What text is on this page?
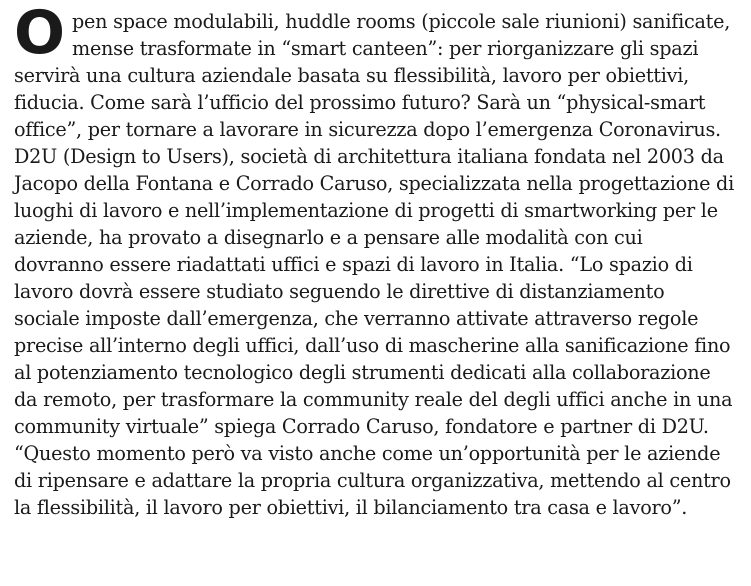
O pen space modulabili, huddle rooms (piccole sale riunioni) sanificate,
mense trasformate in “smart canteen”: per riorganizzare gli spazi
servirà una cultura aziendale basata su flessibilità, lavoro per obiettivi,
fiducia. Come sarà l’ufficio del prossimo futuro? Sarà un “physical-smart
office”, per tornare a lavorare in sicurezza dopo l’emergenza Coronavirus.
D2U (Design to Users), società di architettura italiana fondata nel 2003 da
Jacopo della Fontana e Corrado Caruso, specializzata nella progettazione di
luoghi di lavoro e nell’implementazione di progetti di smartworking per le
aziende, ha provato a disegnarlo e a pensare alle modalità con cui
dovranno essere riadattati uffici e spazi di lavoro in Italia. “Lo spazio di
lavoro dovrà essere studiato seguendo le direttive di distanziamento
sociale imposte dall’emergenza, che verranno attivate attraverso regole
precise all’interno degli uffici, dall’uso di mascherine alla sanificazione fino
al potenziamento tecnologico degli strumenti dedicati alla collaborazione
da remoto, per trasformare la community reale del degli uffici anche in una
community virtuale” spiega Corrado Caruso, fondatore e partner di D2U.
“Questo momento però va visto anche come un’opportunità per le aziende
di ripensare e adattare la propria cultura organizzativa, mettendo al centro
la flessibilità, il lavoro per obiettivi, il bilanciamento tra casa e lavoro”.
